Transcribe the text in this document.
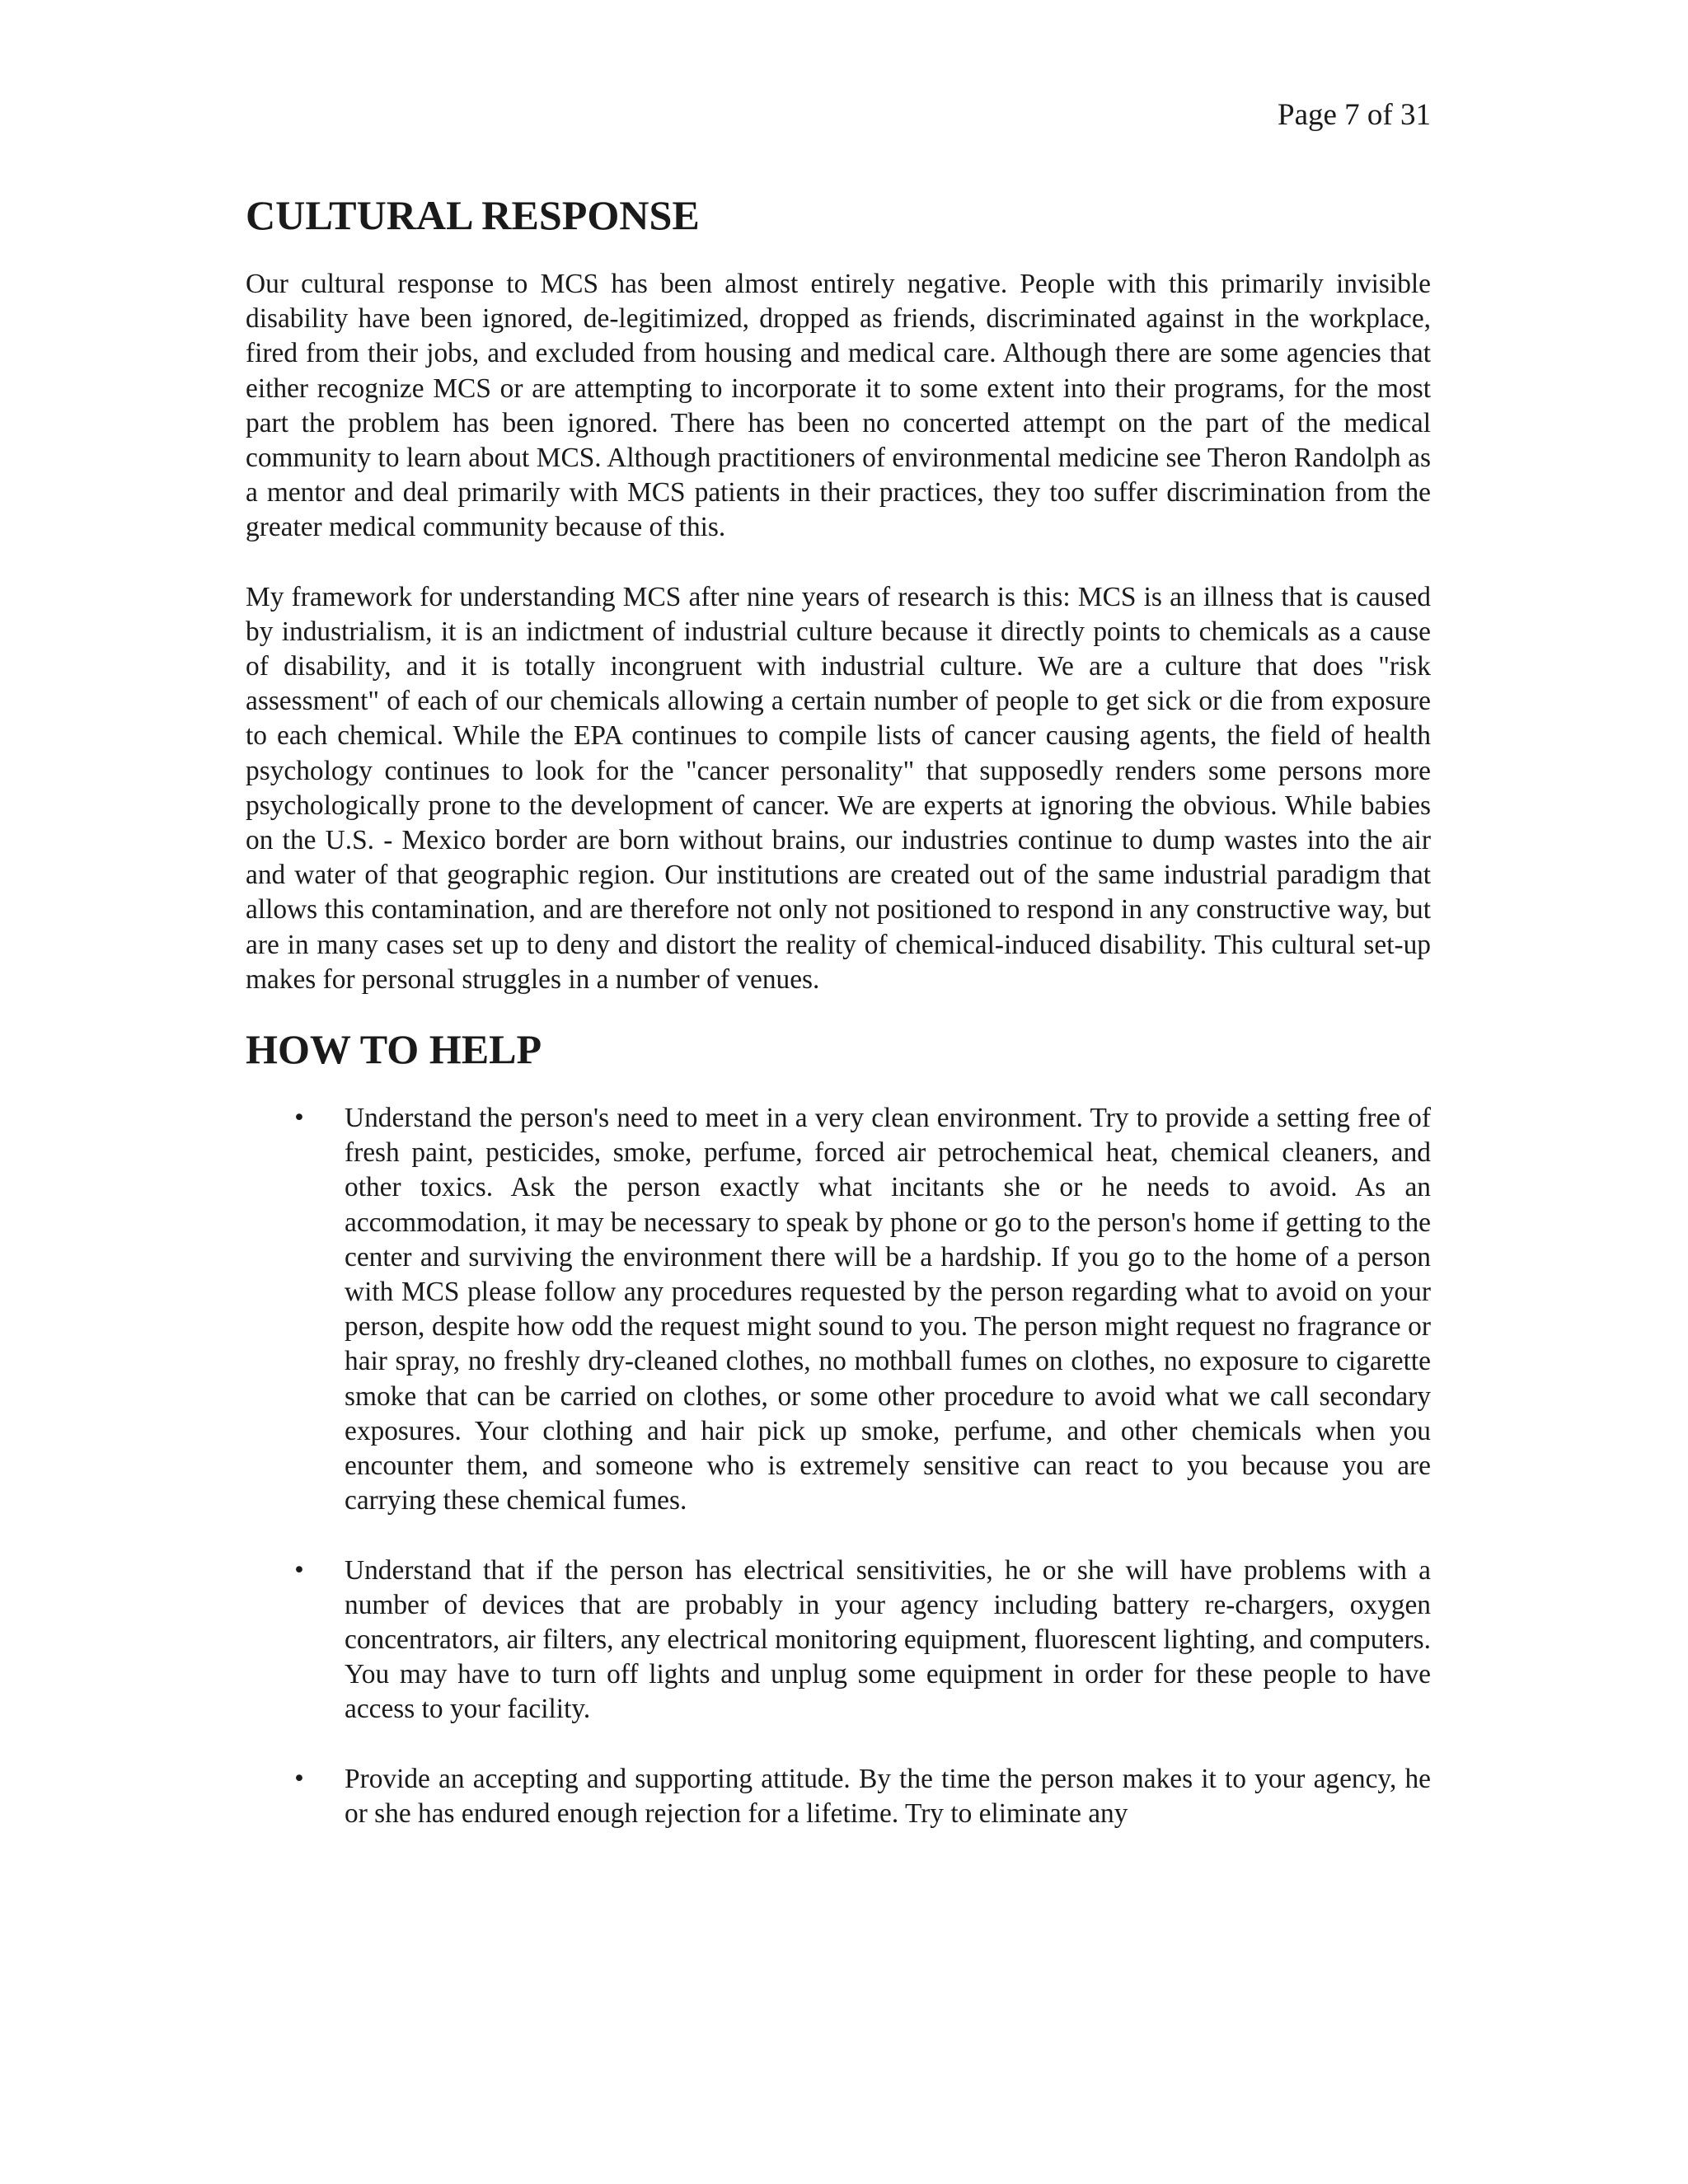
Page 7 of 31
CULTURAL RESPONSE

Our cultural response to MCS has been almost entirely negative. People with this primarily invisible disability have been ignored, de-legitimized, dropped as friends, discriminated against in the workplace, fired from their jobs, and excluded from housing and medical care. Although there are some agencies that either recognize MCS or are attempting to incorporate it to some extent into their programs, for the most part the problem has been ignored. There has been no concerted attempt on the part of the medical community to learn about MCS. Although practitioners of environmental medicine see Theron Randolph as a mentor and deal primarily with MCS patients in their practices, they too suffer discrimination from the greater medical community because of this.

My framework for understanding MCS after nine years of research is this: MCS is an illness that is caused by industrialism, it is an indictment of industrial culture because it directly points to chemicals as a cause of disability, and it is totally incongruent with industrial culture. We are a culture that does "risk assessment" of each of our chemicals allowing a certain number of people to get sick or die from exposure to each chemical. While the EPA continues to compile lists of cancer causing agents, the field of health psychology continues to look for the "cancer personality" that supposedly renders some persons more psychologically prone to the development of cancer. We are experts at ignoring the obvious. While babies on the U.S. - Mexico border are born without brains, our industries continue to dump wastes into the air and water of that geographic region. Our institutions are created out of the same industrial paradigm that allows this contamination, and are therefore not only not positioned to respond in any constructive way, but are in many cases set up to deny and distort the reality of chemical-induced disability. This cultural set-up makes for personal struggles in a number of venues.

HOW TO HELP
• Understand the person's need to meet in a very clean environment. Try to provide a setting free of fresh paint, pesticides, smoke, perfume, forced air petrochemical heat, chemical cleaners, and other toxics. Ask the person exactly what incitants she or he needs to avoid. As an accommodation, it may be necessary to speak by phone or go to the person's home if getting to the center and surviving the environment there will be a hardship. If you go to the home of a person with MCS please follow any procedures requested by the person regarding what to avoid on your person, despite how odd the request might sound to you. The person might request no fragrance or hair spray, no freshly dry-cleaned clothes, no mothball fumes on clothes, no exposure to cigarette smoke that can be carried on clothes, or some other procedure to avoid what we call secondary exposures. Your clothing and hair pick up smoke, perfume, and other chemicals when you encounter them, and someone who is extremely sensitive can react to you because you are carrying these chemical fumes.
• Understand that if the person has electrical sensitivities, he or she will have problems with a number of devices that are probably in your agency including battery re-chargers, oxygen concentrators, air filters, any electrical monitoring equipment, fluorescent lighting, and computers. You may have to turn off lights and unplug some equipment in order for these people to have access to your facility.
• Provide an accepting and supporting attitude. By the time the person makes it to your agency, he or she has endured enough rejection for a lifetime. Try to eliminate any
